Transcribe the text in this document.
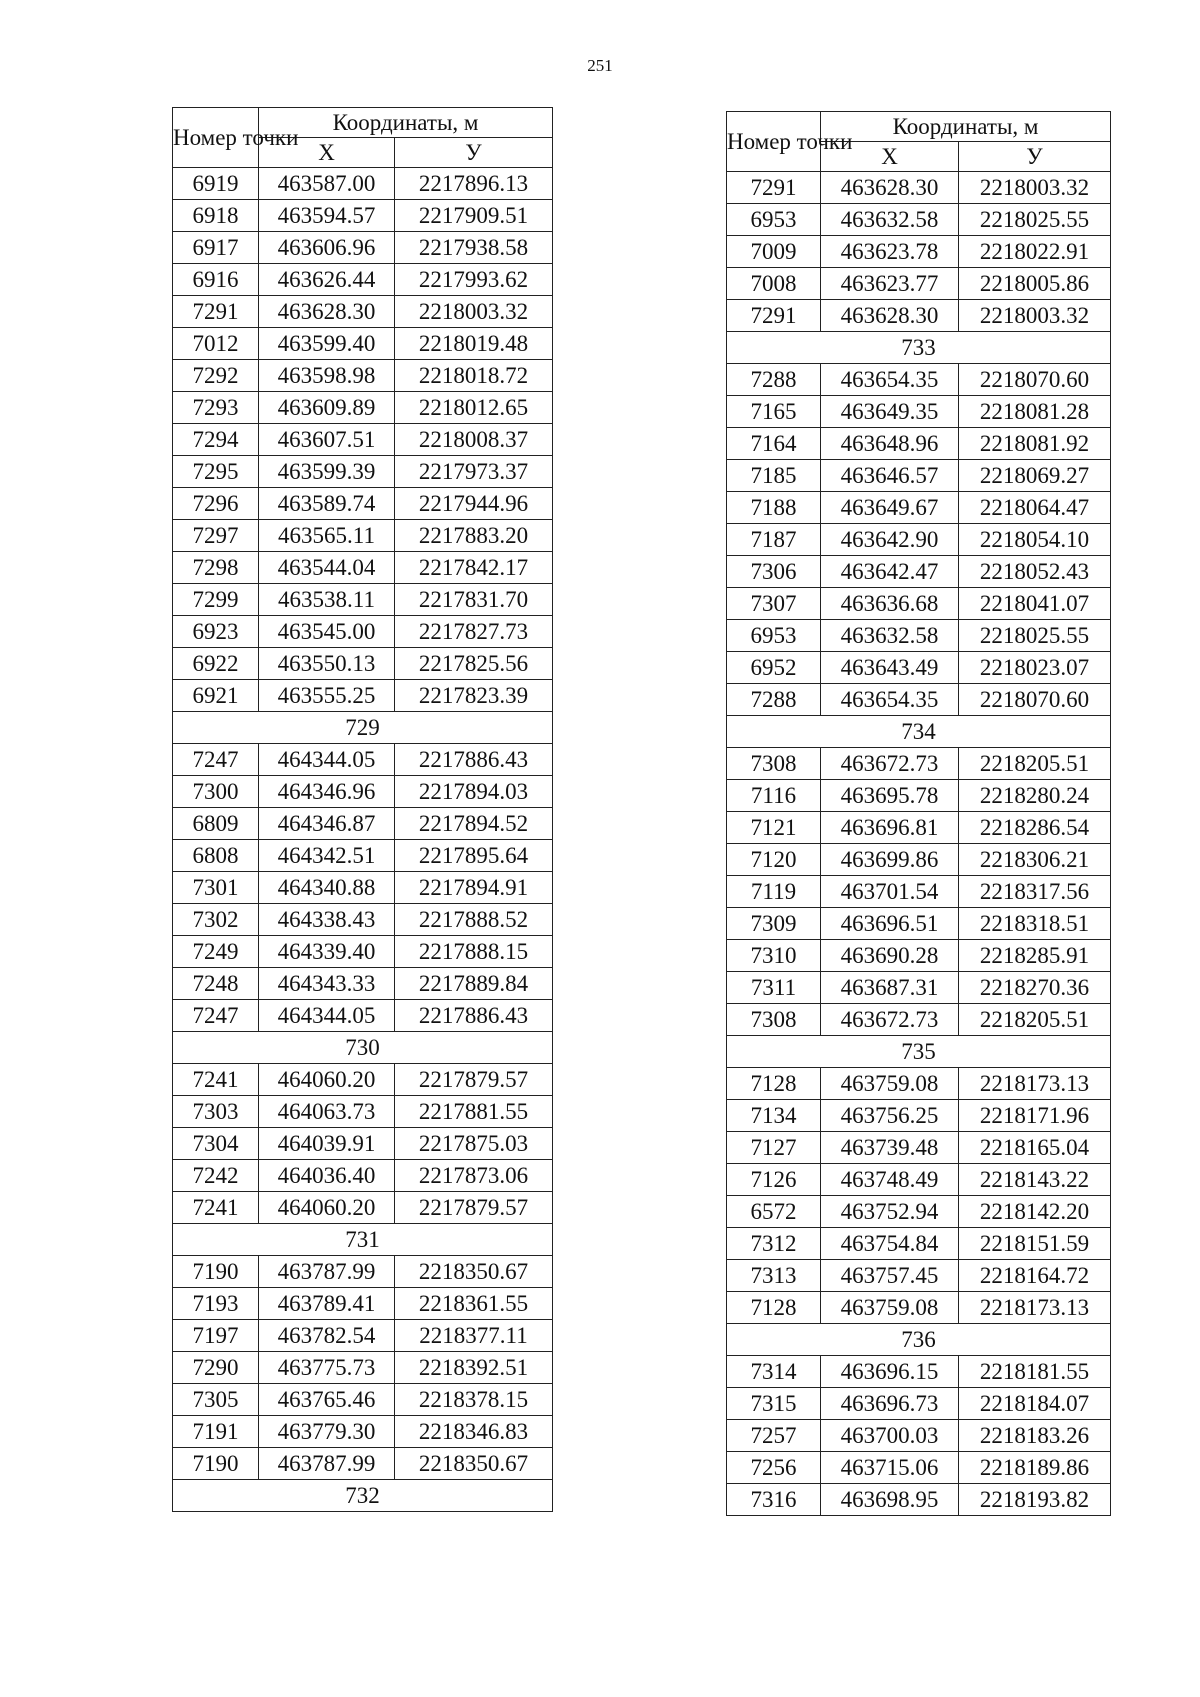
251
Номер точки	Координаты, м	
	Х	У
6919	463587.00	2217896.13
6918	463594.57	2217909.51
6917	463606.96	2217938.58
6916	463626.44	2217993.62
7291	463628.30	2218003.32
7012	463599.40	2218019.48
7292	463598.98	2218018.72
7293	463609.89	2218012.65
7294	463607.51	2218008.37
7295	463599.39	2217973.37
7296	463589.74	2217944.96
7297	463565.11	2217883.20
7298	463544.04	2217842.17
7299	463538.11	2217831.70
6923	463545.00	2217827.73
6922	463550.13	2217825.56
6921	463555.25	2217823.39
729		
7247	464344.05	2217886.43
7300	464346.96	2217894.03
6809	464346.87	2217894.52
6808	464342.51	2217895.64
7301	464340.88	2217894.91
7302	464338.43	2217888.52
7249	464339.40	2217888.15
7248	464343.33	2217889.84
7247	464344.05	2217886.43
730		
7241	464060.20	2217879.57
7303	464063.73	2217881.55
7304	464039.91	2217875.03
7242	464036.40	2217873.06
7241	464060.20	2217879.57
731		
7190	463787.99	2218350.67
7193	463789.41	2218361.55
7197	463782.54	2218377.11
7290	463775.73	2218392.51
7305	463765.46	2218378.15
7191	463779.30	2218346.83
7190	463787.99	2218350.67
732		
Номер точки	Координаты, м	
	Х	У
7291	463628.30	2218003.32
6953	463632.58	2218025.55
7009	463623.78	2218022.91
7008	463623.77	2218005.86
7291	463628.30	2218003.32
733		
7288	463654.35	2218070.60
7165	463649.35	2218081.28
7164	463648.96	2218081.92
7185	463646.57	2218069.27
7188	463649.67	2218064.47
7187	463642.90	2218054.10
7306	463642.47	2218052.43
7307	463636.68	2218041.07
6953	463632.58	2218025.55
6952	463643.49	2218023.07
7288	463654.35	2218070.60
734		
7308	463672.73	2218205.51
7116	463695.78	2218280.24
7121	463696.81	2218286.54
7120	463699.86	2218306.21
7119	463701.54	2218317.56
7309	463696.51	2218318.51
7310	463690.28	2218285.91
7311	463687.31	2218270.36
7308	463672.73	2218205.51
735		
7128	463759.08	2218173.13
7134	463756.25	2218171.96
7127	463739.48	2218165.04
7126	463748.49	2218143.22
6572	463752.94	2218142.20
7312	463754.84	2218151.59
7313	463757.45	2218164.72
7128	463759.08	2218173.13
736		
7314	463696.15	2218181.55
7315	463696.73	2218184.07
7257	463700.03	2218183.26
7256	463715.06	2218189.86
7316	463698.95	2218193.82
